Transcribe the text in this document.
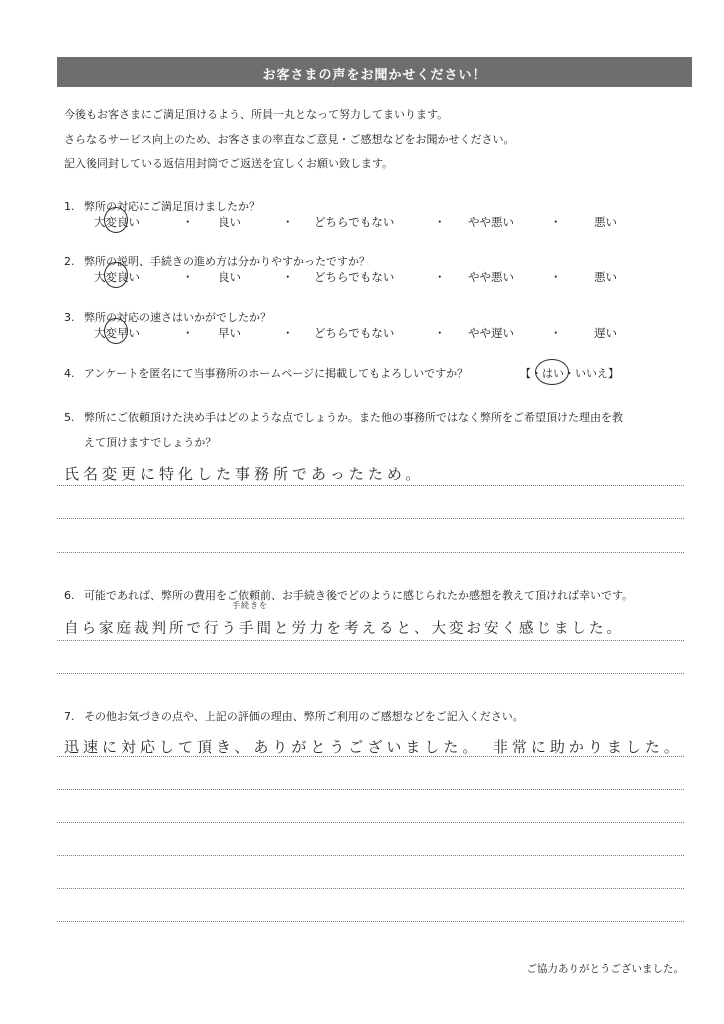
お客さまの声をお聞かせください！
今後もお客さまにご満足頂けるよう、所員一丸となって努力してまいります。
さらなるサービス向上のため、お客さまの率直なご意見・ご感想などをお聞かせください。
記入後同封している返信用封筒でご返送を宜しくお願い致します。
1. 弊所の対応にご満足頂けましたか？
大変良い	・ 良い	・ どちらでもない	・ やや悪い	・	悪い
2. 弊所の説明、手続きの進め方は分かりやすかったですか？
大変良い	・ 良い	・ どちらでもない	・ やや悪い	・	悪い
3. 弊所の対応の速さはいかがでしたか？
大変早い	・ 早い	・ どちらでもない	・ やや遅い	・	遅い
4. アンケートを匿名にて当事務所のホームページに掲載してもよろしいですか？	【・はい・いいえ】
5. 弊所にご依頼頂けた決め手はどのような点でしょうか。また他の事務所ではなく弊所をご希望頂けた理由を教
えて頂けますでしょうか？
氏名変更に特化した事務所であったため。
6. 可能であれば、弊所の費用をご依頼前、お手続き後でどのように感じられたか感想を教えて頂ければ幸いです。
手続きを
自ら家庭裁判所で行う手間と労力を考えると、大変お安く感じました。
7. その他お気づきの点や、上記の評価の理由、弊所ご利用のご感想などをご記入ください。
迅速に対応して頂き、ありがとうございました。　非常に助かりました。
ご協力ありがとうございました。
